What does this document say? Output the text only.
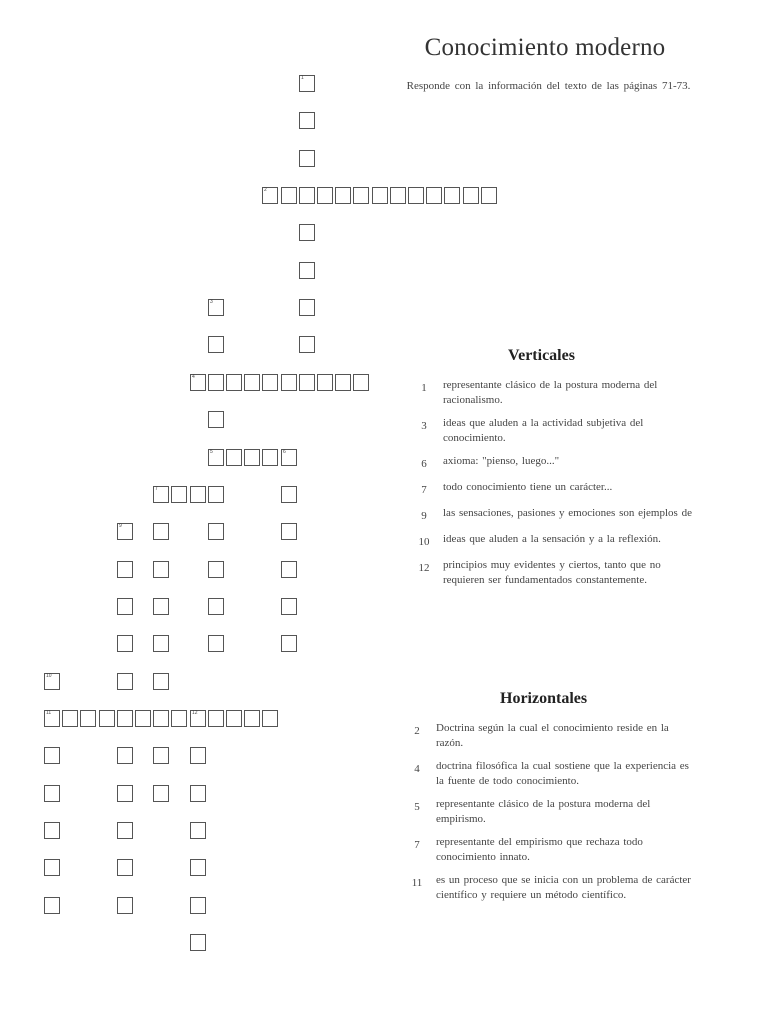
Conocimiento moderno
Responde con la información del texto de las páginas 71-73.
1
2
3
5
4
6
7
9
10
11	12
Verticales
1	representante clásico de la postura moderna del racionalismo.
3	ideas que aluden a la actividad subjetiva del conocimiento.
6	axioma: "pienso, luego..."
7	todo conocimiento tiene un carácter...
9	las sensaciones, pasiones y emociones son ejemplos de
10	ideas que aluden a la sensación y a la reflexión.
12	principios muy evidentes y ciertos, tanto que no requieren ser fundamentados constantemente.
Horizontales
2	Doctrina según la cual el conocimiento reside en la razón.
4	doctrina filosófica la cual sostiene que la experiencia es la fuente de todo conocimiento.
5	representante clásico de la postura moderna del empirismo.
7	representante del empirismo que rechaza todo conocimiento innato.
11	es un proceso que se inicia con un problema de carácter científico y requiere un método científico.
